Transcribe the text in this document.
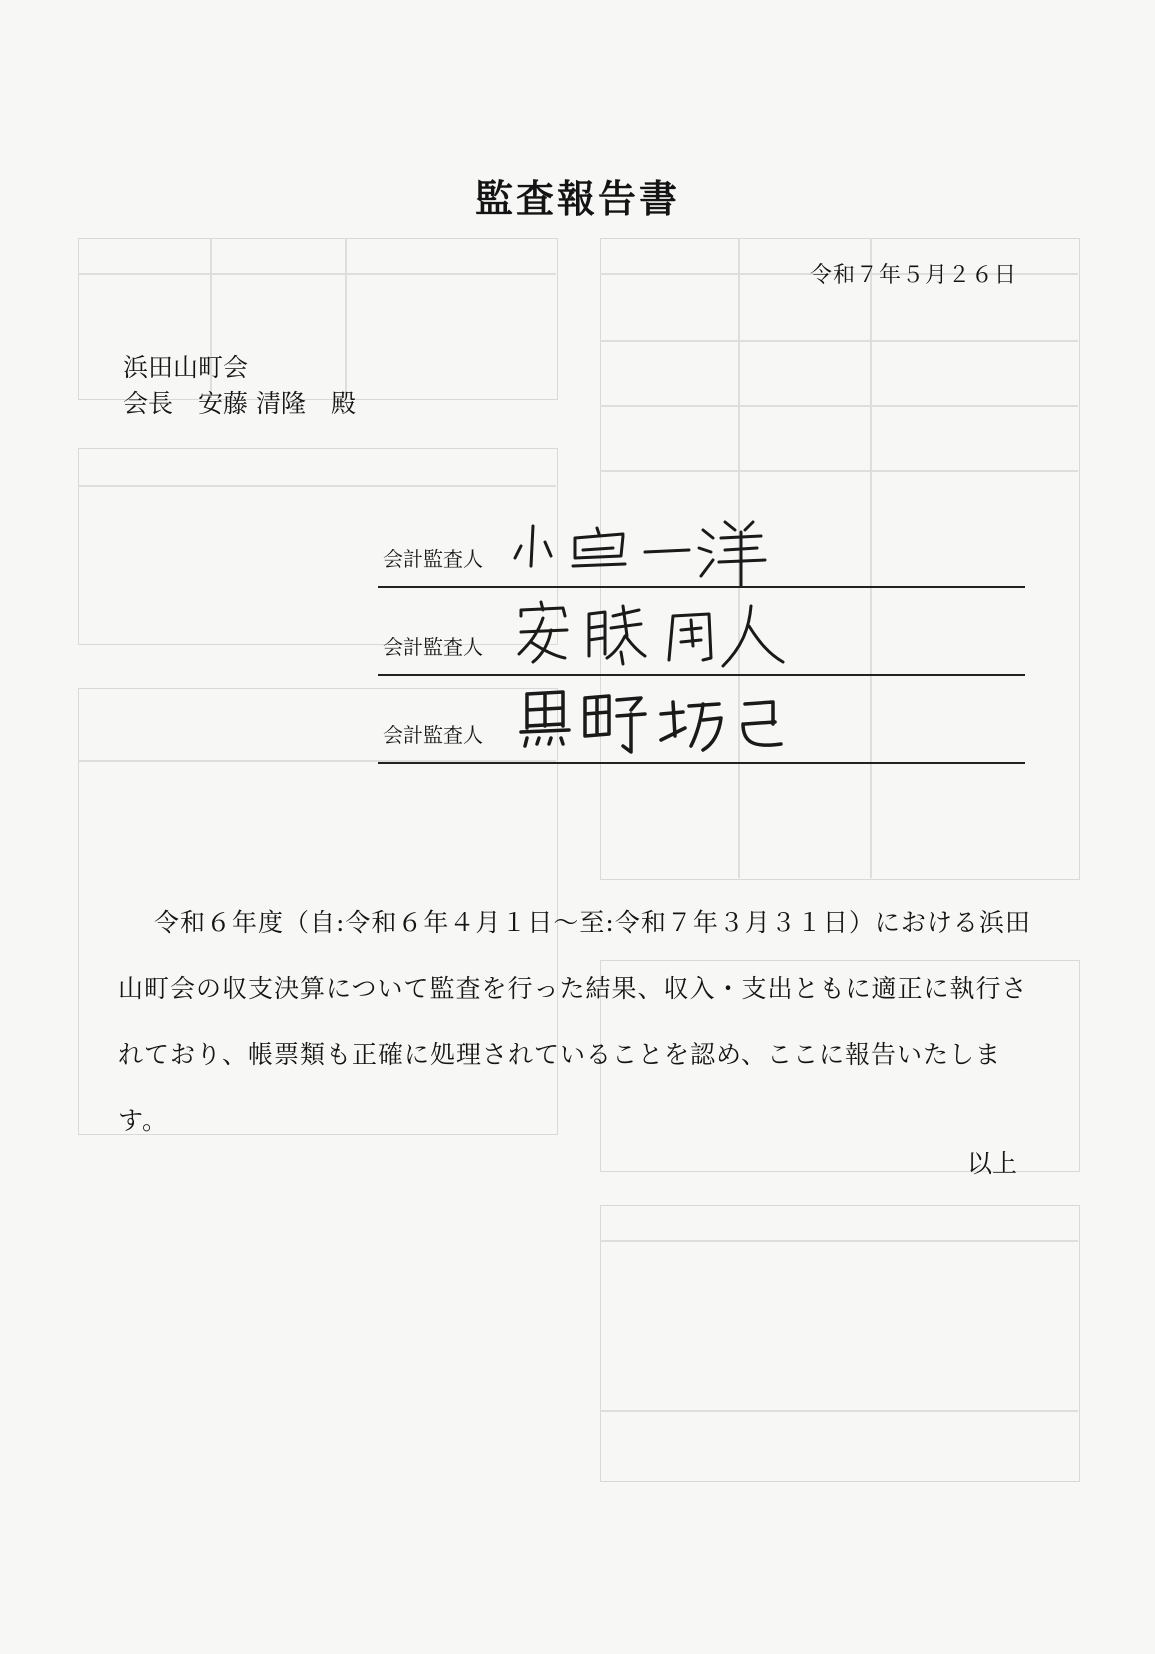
監査報告書
令和７年５月２６日
浜田山町会
会長　安藤 清隆　殿
会計監査人
会計監査人
会計監査人
令和６年度（自:令和６年４月１日～至:令和７年３月３１日）における浜田山町会の収支決算について監査を行った結果、収入・支出ともに適正に執行されており、帳票類も正確に処理されていることを認め、ここに報告いたします。
以上
